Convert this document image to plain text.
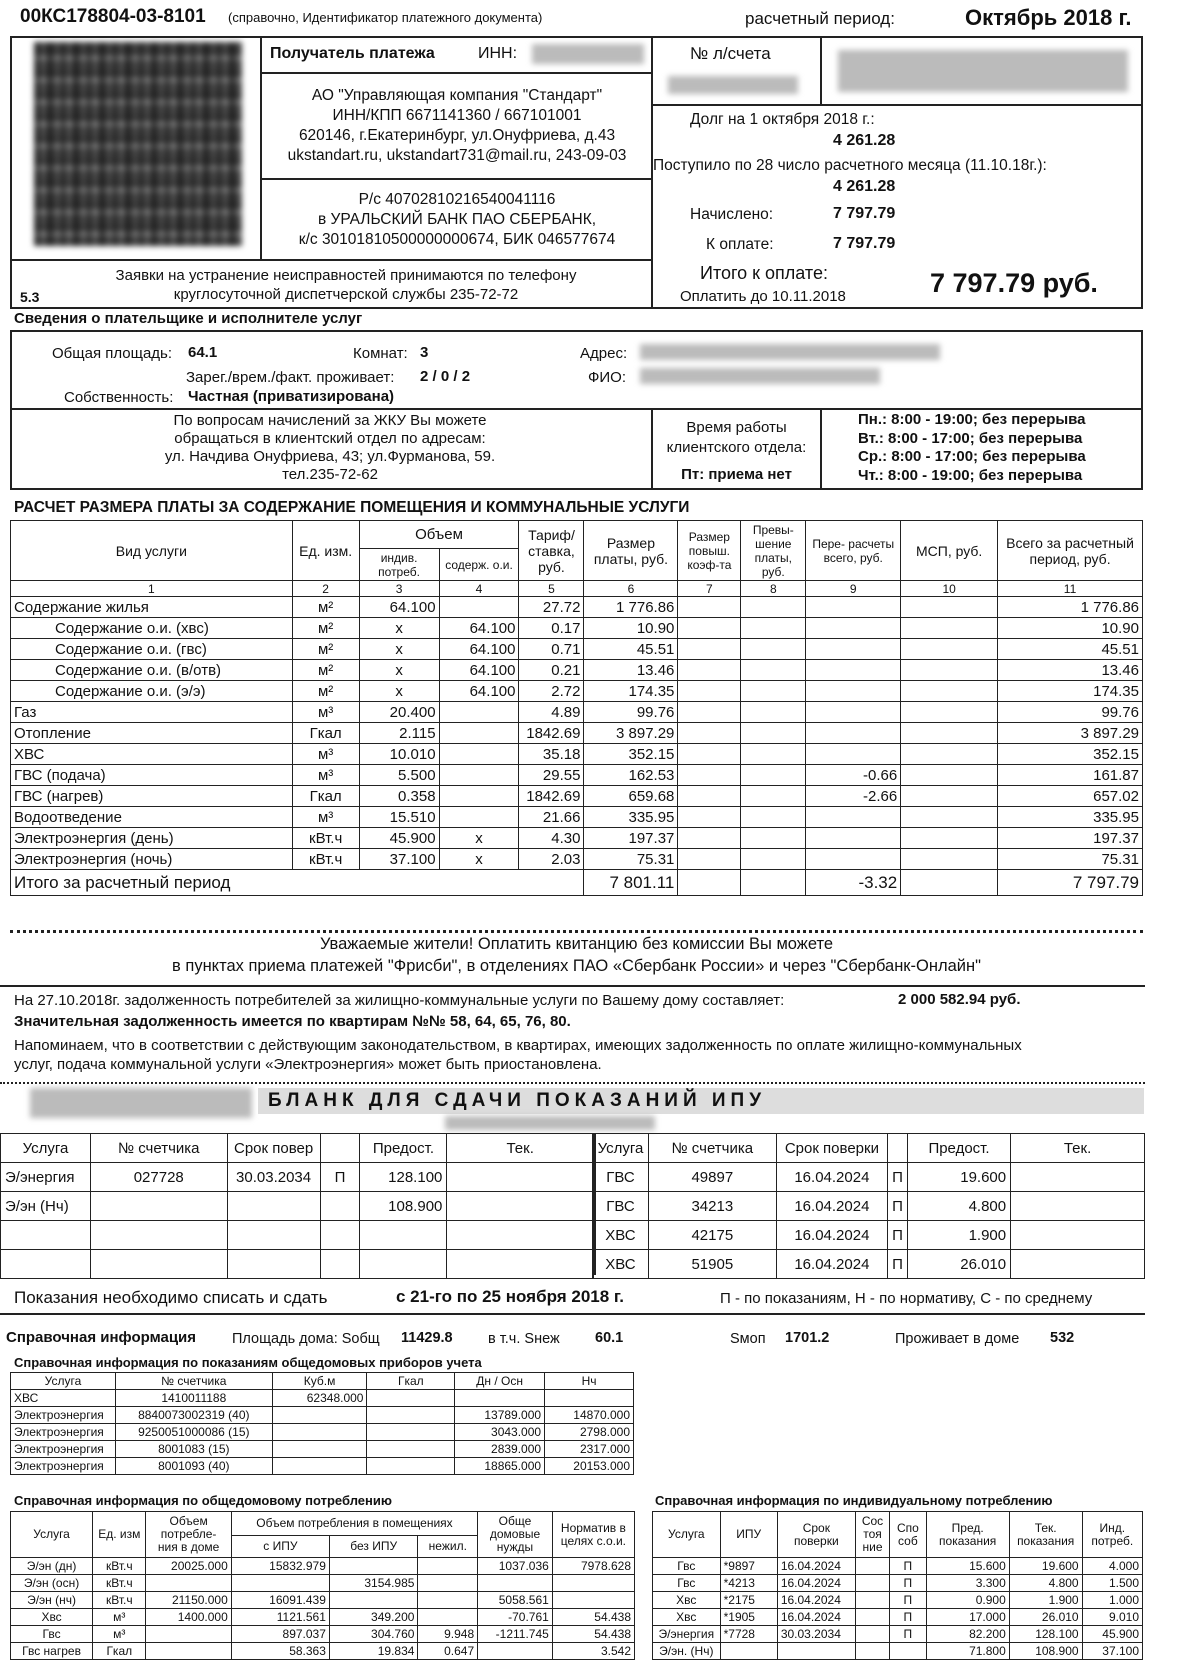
00КС178804-03-8101 (справочно, Идентификатор платежного документа)	расчетный период:	Октябрь 2018 г.
Получатель платежа	ИНН:
АО "Управляющая компания "Стандарт"
ИНН/КПП 6671141360 / 667101001
620146, г.Екатеринбург, ул.Онуфриева, д.43
ukstandart.ru, ukstandart731@mail.ru, 243-09-03
Р/с 40702810216540041116
в УРАЛЬСКИЙ БАНК ПАО СБЕРБАНК,
к/с 30101810500000000674, БИК 046577674
Заявки на устранение неисправностей принимаются по телефону
круглосуточной диспетчерской службы 235-72-72
5.3
№ л/счета
Долг на 1 октября 2018 г.:
4 261.28
Поступило по 28 число расчетного месяца (11.10.18г.):
4 261.28
Начислено:	7 797.79
К оплате:	7 797.79
Итого к оплате:
Оплатить до 10.11.2018	7 797.79 руб.
Сведения о плательщике и исполнителе услуг
Общая площадь: 64.1	Комнат: 3	Адрес:
Зарег./врем./факт. проживает: 2 / 0 / 2	ФИО:
Собственность: Частная (приватизирована)
По вопросам начислений за ЖКУ Вы можете
обращаться в клиентский отдел по адресам:
ул. Начдива Онуфриева, 43; ул.Фурманова, 59.
тел.235-72-62
Время работы
клиентского отдела:
Пт: приема нет
Пн.: 8:00 - 19:00; без перерыва
Вт.: 8:00 - 17:00; без перерыва
Ср.: 8:00 - 17:00; без перерыва
Чт.: 8:00 - 19:00; без перерыва
РАСЧЕТ РАЗМЕРА ПЛАТЫ ЗА СОДЕРЖАНИЕ ПОМЕЩЕНИЯ И КОММУНАЛЬНЫЕ УСЛУГИ
Вид услуги	Ед. изм.	Объем		Тариф/ ставка, руб.	Размер платы, руб.	Размер повыш. коэф-та	Превы- шение платы, руб.	Пере- расчеты всего, руб.	МСП, руб.	Всего за расчетный период, руб.
		индив. потреб.	содерж. о.и.							
1	2	3	4	5	6	7	8	9	10	11
Содержание жилья	м²	64.100		27.72	1 776.86					1 776.86
Содержание о.и. (хвс)	м²	x	64.100	0.17	10.90					10.90
Содержание о.и. (гвс)	м²	x	64.100	0.71	45.51					45.51
Содержание о.и. (в/отв)	м²	x	64.100	0.21	13.46					13.46
Содержание о.и. (э/э)	м²	x	64.100	2.72	174.35					174.35
Газ	м³	20.400		4.89	99.76					99.76
Отопление	Гкал	2.115		1842.69	3 897.29					3 897.29
ХВС	м³	10.010		35.18	352.15					352.15
ГВС (подача)	м³	5.500		29.55	162.53			-0.66		161.87
ГВС (нагрев)	Гкал	0.358		1842.69	659.68			-2.66		657.02
Водоотведение	м³	15.510		21.66	335.95					335.95
Электроэнергия (день)	кВт.ч	45.900	x	4.30	197.37					197.37
Электроэнергия (ночь)	кВт.ч	37.100	x	2.03	75.31					75.31
Итого за расчетный период					7 801.11			-3.32		7 797.79
Уважаемые жители! Оплатить квитанцию без комиссии Вы можете
в пунктах приема платежей "Фрисби", в отделениях ПАО «Сбербанк России» и через "Сбербанк-Онлайн"
На 27.10.2018г. задолженность потребителей за жилищно-коммунальные услуги по Вашему дому составляет:	2 000 582.94 руб.
Значительная задолженность имеется по квартирам №№ 58, 64, 65, 76, 80.
Напоминаем, что в соответствии с действующим законодательством, в квартирах, имеющих задолженность по оплате жилищно-коммунальных
услуг, подача коммунальной услуги «Электроэнергия» может быть приостановлена.
БЛАНК ДЛЯ СДАЧИ ПОКАЗАНИЙ ИПУ
Услуга	№ счетчика	Срок повер		Предост.	Тек.
Э/энергия	027728	30.03.2034	П	128.100	
Э/эн (Нч)				108.900	

Услуга	№ счетчика	Срок поверки		Предост.	Тек.
ГВС	49897	16.04.2024	П	19.600	
ГВС	34213	16.04.2024	П	4.800	
ХВС	42175	16.04.2024	П	1.900	
ХВС	51905	16.04.2024	П	26.010	
Показания необходимо списать и сдать	с 21-го по 25 ноября 2018 г.	П - по показаниям, Н - по нормативу, С - по среднему
Справочная информация Площадь дома: Sобщ 11429.8 в т.ч. Sнеж 60.1	Sмоп 1701.2	Проживает в доме 532
Справочная информация по показаниям общедомовых приборов учета
Услуга	№ счетчика	Куб.м	Гкал	Дн / Осн	Нч
ХВС	1410011188	62348.000			
Электроэнергия	8840073002319 (40)			13789.000	14870.000
Электроэнергия	9250051000086 (15)			3043.000	2798.000
Электроэнергия	8001083 (15)			2839.000	2317.000
Электроэнергия	8001093 (40)			18865.000	20153.000
Справочная информация по общедомовому потреблению
Услуга	Ед. изм	Объем потребле- ния в доме	Объем потребления в помещениях			Обще домовые нужды	Норматив в целях с.о.и.
			с ИПУ	без ИПУ	нежил.		
Э/эн (дн)	кВт.ч	20025.000	15832.979			1037.036	7978.628
Э/эн (осн)	кВт.ч			3154.985			
Э/эн (нч)	кВт.ч	21150.000	16091.439			5058.561	
Хвс	м³	1400.000	1121.561	349.200		-70.761	54.438
Гвс	м³		897.037	304.760	9.948	-1211.745	54.438
Гвс нагрев	Гкал		58.363	19.834	0.647		3.542
Справочная информация по индивидуальному потреблению
Услуга	ИПУ	Срок поверки	Сос тоя ние	Спо соб	Пред. показания	Тек. показания	Инд. потреб.
Гвс	*9897	16.04.2024		П	15.600	19.600	4.000
Гвс	*4213	16.04.2024		П	3.300	4.800	1.500
Хвс	*2175	16.04.2024		П	0.900	1.900	1.000
Хвс	*1905	16.04.2024		П	17.000	26.010	9.010
Э/энергия	*7728	30.03.2034		П	82.200	128.100	45.900
Э/эн. (Нч)					71.800	108.900	37.100
